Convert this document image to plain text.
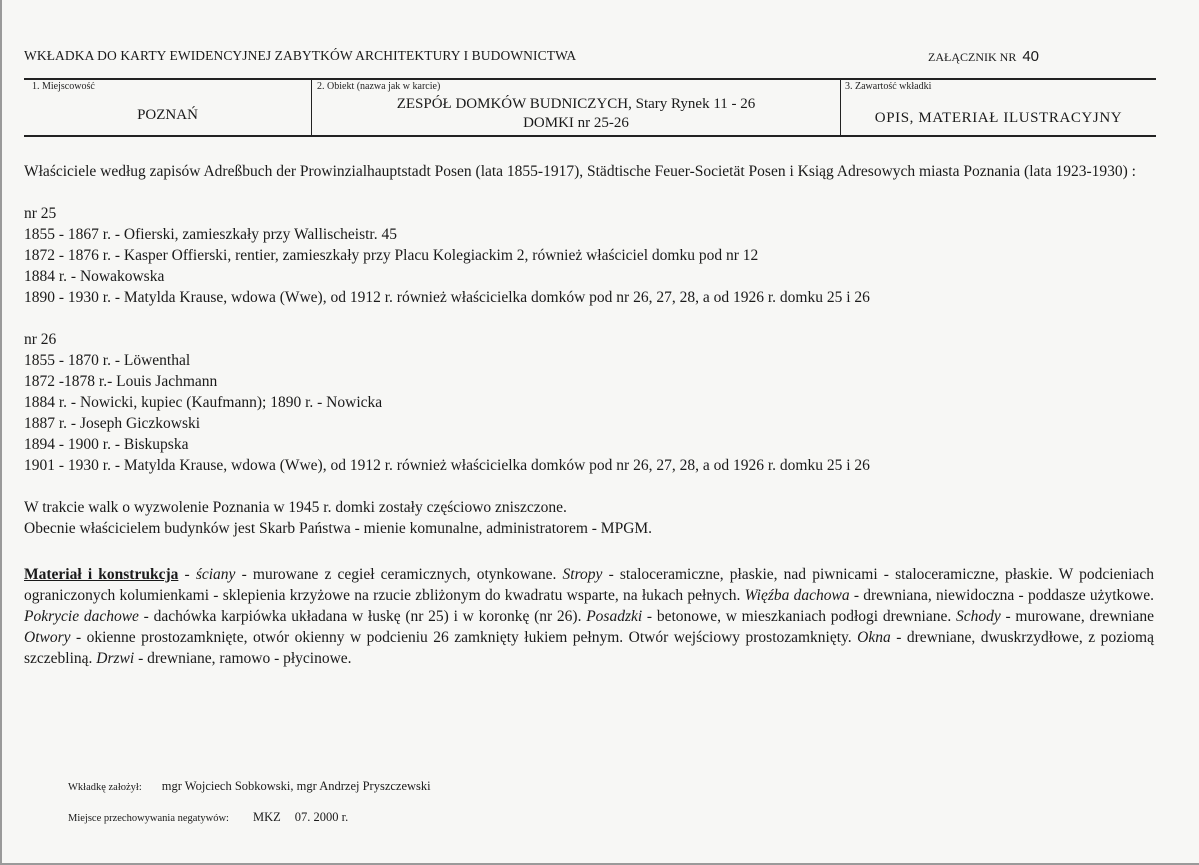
WKŁADKA DO KARTY EWIDENCYJNEJ ZABYTKÓW ARCHITEKTURY I BUDOWNICTWA	ZAŁĄCZNIK NR 40
1. Miejscowość
POZNAŃ
2. Obiekt (nazwa jak w karcie)
ZESPÓŁ DOMKÓW BUDNICZYCH, Stary Rynek 11 - 26
DOMKI nr 25-26
3. Zawartość wkładki
OPIS, MATERIAŁ ILUSTRACYJNY

Właściciele według zapisów Adreßbuch der Prowinzialhauptstadt Posen (lata 1855-1917), Städtische Feuer-Societät Posen i Ksiąg Adresowych miasta Poznania (lata 1923-1930) :

nr 25

1855 - 1867 r. - Ofierski, zamieszkały przy Wallischeistr. 45

1872 - 1876 r. - Kasper Offierski, rentier, zamieszkały przy Placu Kolegiackim 2, również właściciel domku pod nr 12

1884 r. - Nowakowska

1890 - 1930 r. - Matylda Krause, wdowa (Wwe), od 1912 r. również właścicielka domków pod nr 26, 27, 28, a od 1926 r. domku 25 i 26

nr 26

1855 - 1870 r. - Löwenthal

1872 -1878 r.- Louis Jachmann

1884 r. - Nowicki, kupiec (Kaufmann); 1890 r. - Nowicka

1887 r. - Joseph Giczkowski

1894 - 1900 r. - Biskupska

1901 - 1930 r. - Matylda Krause, wdowa (Wwe), od 1912 r. również właścicielka domków pod nr 26, 27, 28, a od 1926 r. domku 25 i 26

W trakcie walk o wyzwolenie Poznania w 1945 r. domki zostały częściowo zniszczone.

Obecnie właścicielem budynków jest Skarb Państwa - mienie komunalne, administratorem - MPGM.

Materiał i konstrukcja - ściany - murowane z cegieł ceramicznych, otynkowane. Stropy - staloceramiczne, płaskie, nad piwnicami - staloceramiczne, płaskie. W podcieniach ograniczonych kolumienkami - sklepienia krzyżowe na rzucie zbliżonym do kwadratu wsparte, na łukach pełnych. Więźba dachowa - drewniana, niewidoczna - poddasze użytkowe. Pokrycie dachowe - dachówka karpiówka układana w łuskę (nr 25) i w koronkę (nr 26). Posadzki - betonowe, w mieszkaniach podłogi drewniane. Schody - murowane, drewniane Otwory - okienne prostozamknięte, otwór okienny w podcieniu 26 zamknięty łukiem pełnym. Otwór wejściowy prostozamknięty. Okna - drewniane, dwuskrzydłowe, z poziomą szczebliną. Drzwi - drewniane, ramowo - płycinowe.
Wkładkę założył: mgr Wojciech Sobkowski, mgr Andrzej Pryszczewski
Miejsce przechowywania negatywów: MKZ 07. 2000 r.
